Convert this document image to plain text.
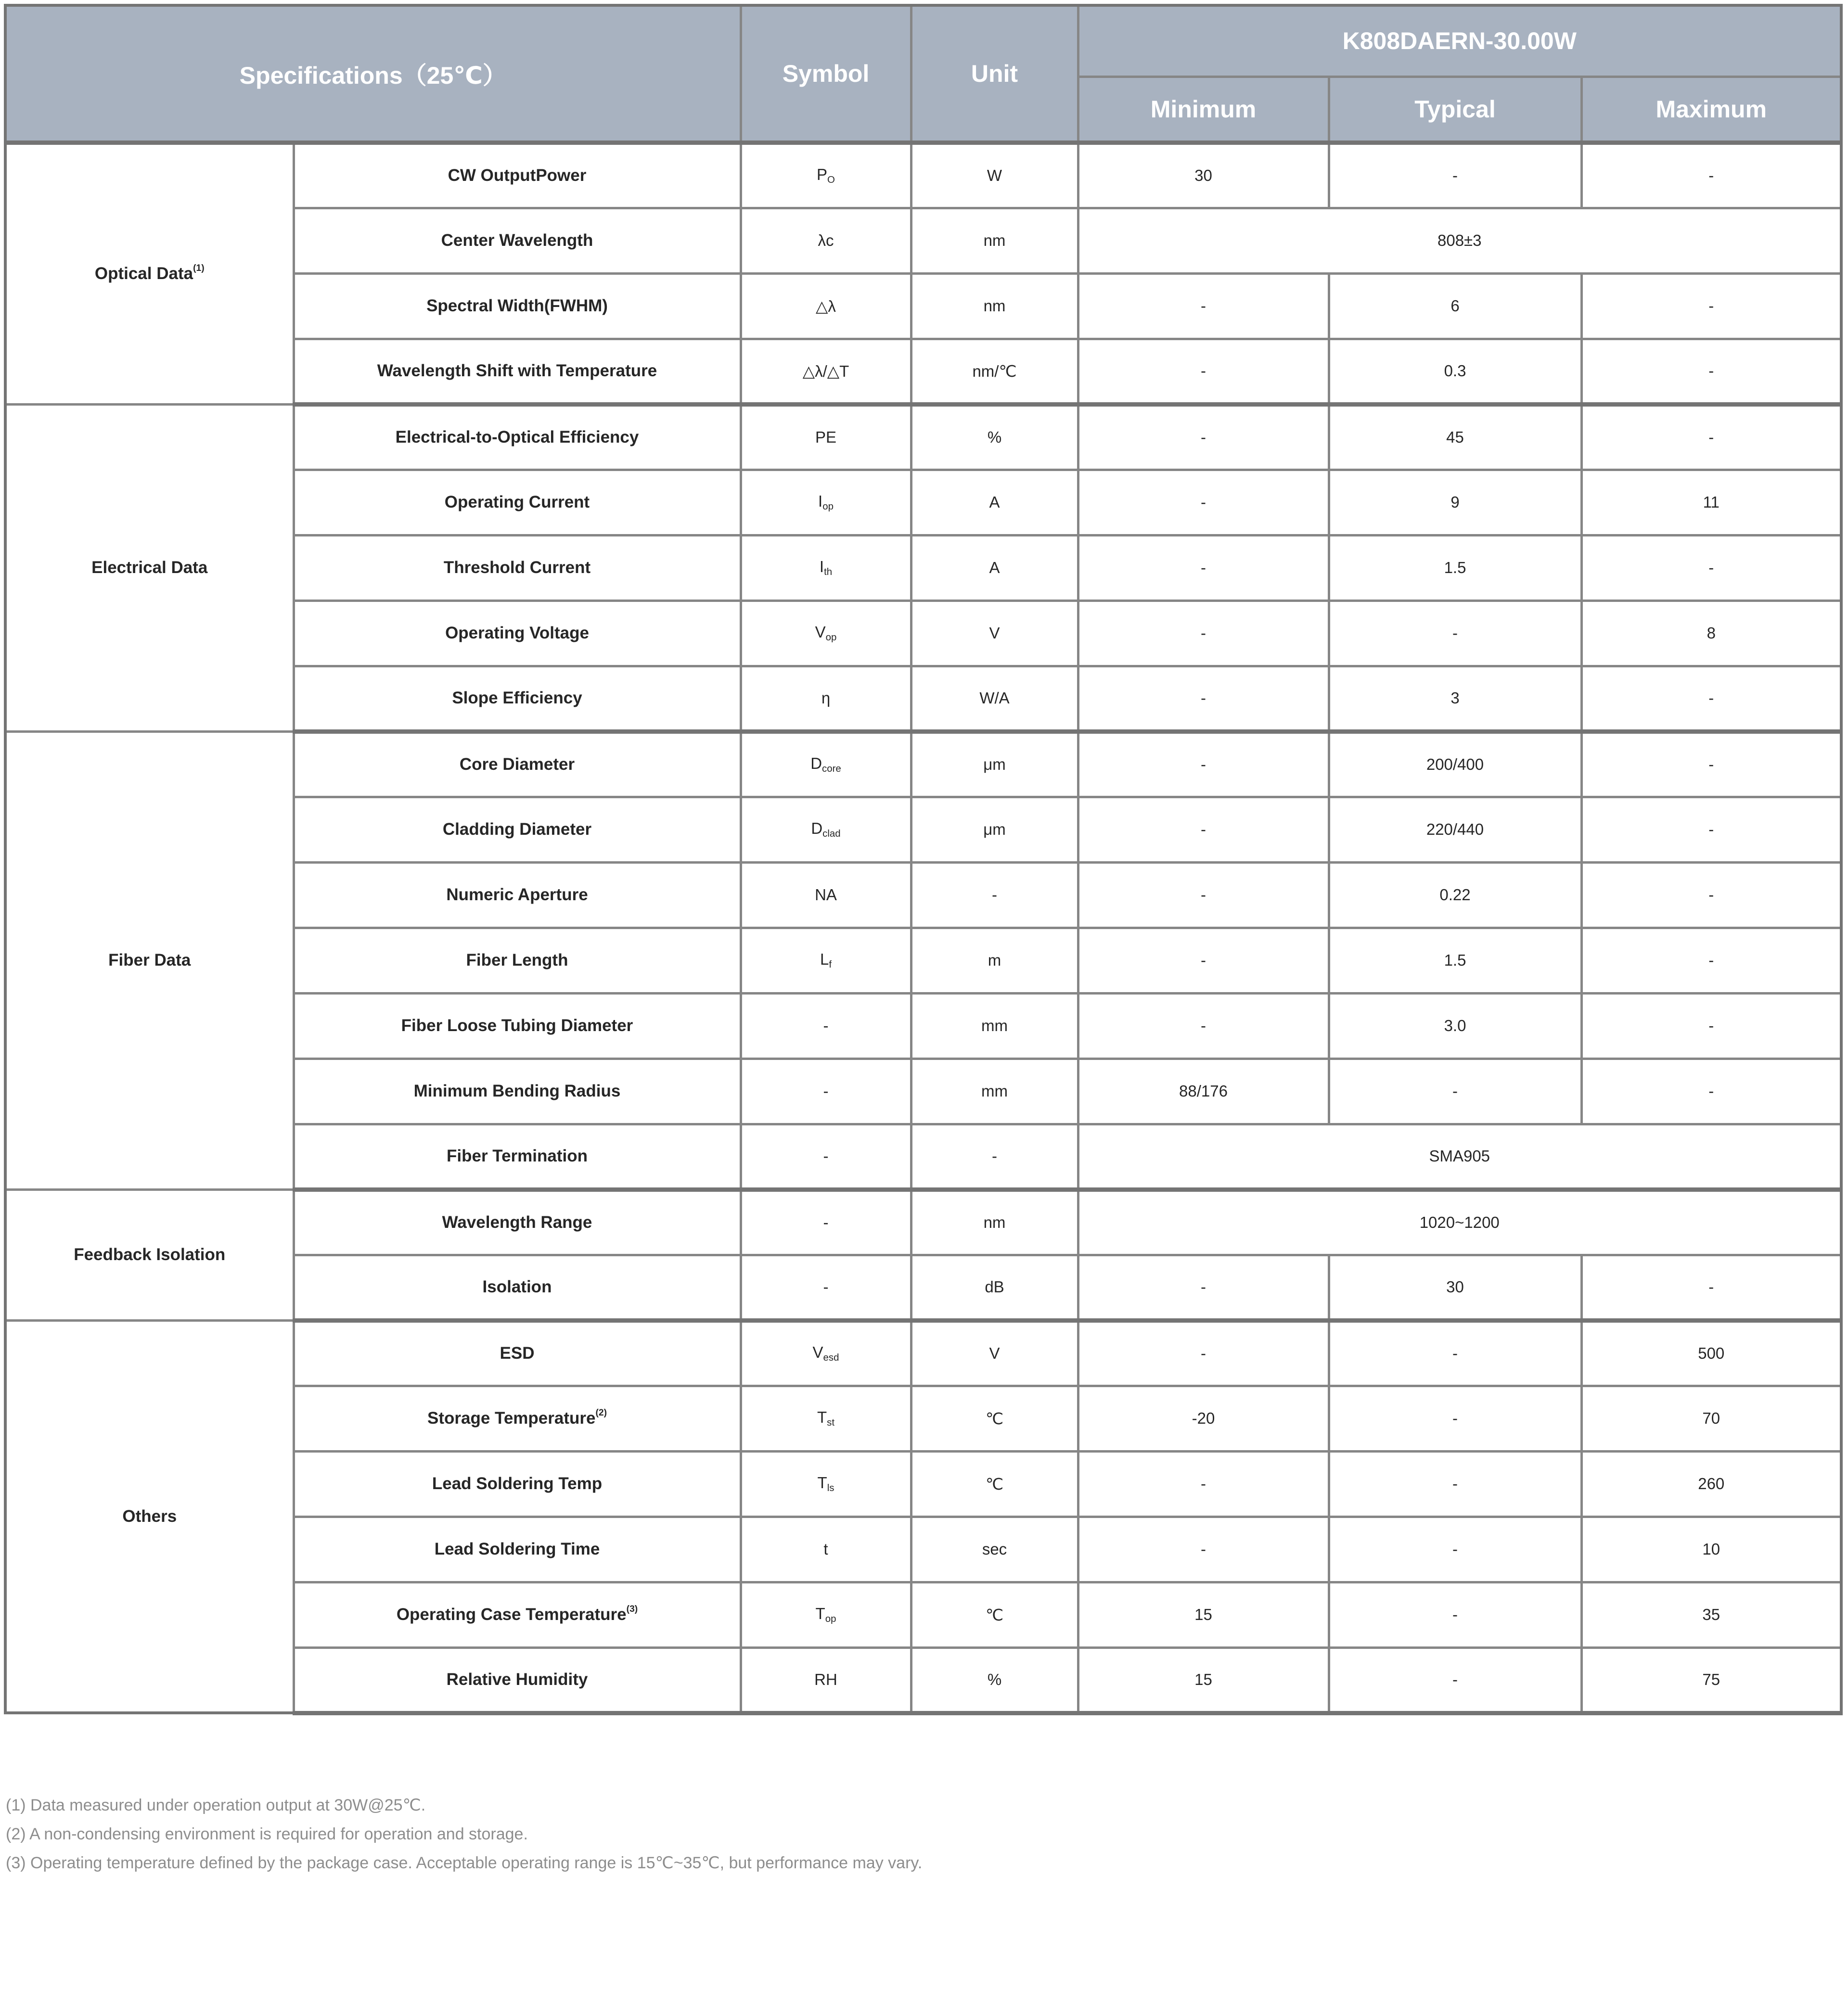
Specifications（25℃）		Symbol	Unit	K808DAERN-30.00W		
				Minimum	Typical	Maximum
Optical Data$^{(1)}$	CW OutputPower	$P_O$	W	30	-	-
	Center Wavelength	λc	nm	808±3		
	Spectral Width(FWHM)	△λ	nm	-	6	-
	Wavelength Shift with Temperature	△λ/△T	nm/℃	-	0.3	-
Electrical Data	Electrical-to-Optical Efficiency	PE	%	-	45	-
	Operating Current	$I_{op}$	A	-	9	11
	Threshold Current	$I_{th}$	A	-	1.5	-
	Operating Voltage	$V_{op}$	V	-	-	8
	Slope Efficiency	η	W/A	-	3	-
Fiber Data	Core Diameter	$D_{core}$	μm	-	200/400	-
	Cladding Diameter	$D_{clad}$	μm	-	220/440	-
	Numeric Aperture	NA	-	-	0.22	-
	Fiber Length	$L_f$	m	-	1.5	-
	Fiber Loose Tubing Diameter	-	mm	-	3.0	-
	Minimum Bending Radius	-	mm	88/176	-	-
	Fiber Termination	-	-	SMA905		
Feedback Isolation	Wavelength Range	-	nm	1020~1200		
	Isolation	-	dB	-	30	-
Others	ESD	$V_{esd}$	V	-	-	500
	Storage Temperature$^{(2)}$	$T_{st}$	℃	-20	-	70
	Lead Soldering Temp	$T_{ls}$	℃	-	-	260
	Lead Soldering Time	t	sec	-	-	10
	Operating Case Temperature$^{(3)}$	$T_{op}$	℃	15	-	35
	Relative Humidity	RH	%	15	-	75
(1) Data measured under operation output at 30W@25℃.
(2) A non-condensing environment is required for operation and storage.
(3) Operating temperature defined by the package case. Acceptable operating range is 15℃~35℃, but performance may vary.
